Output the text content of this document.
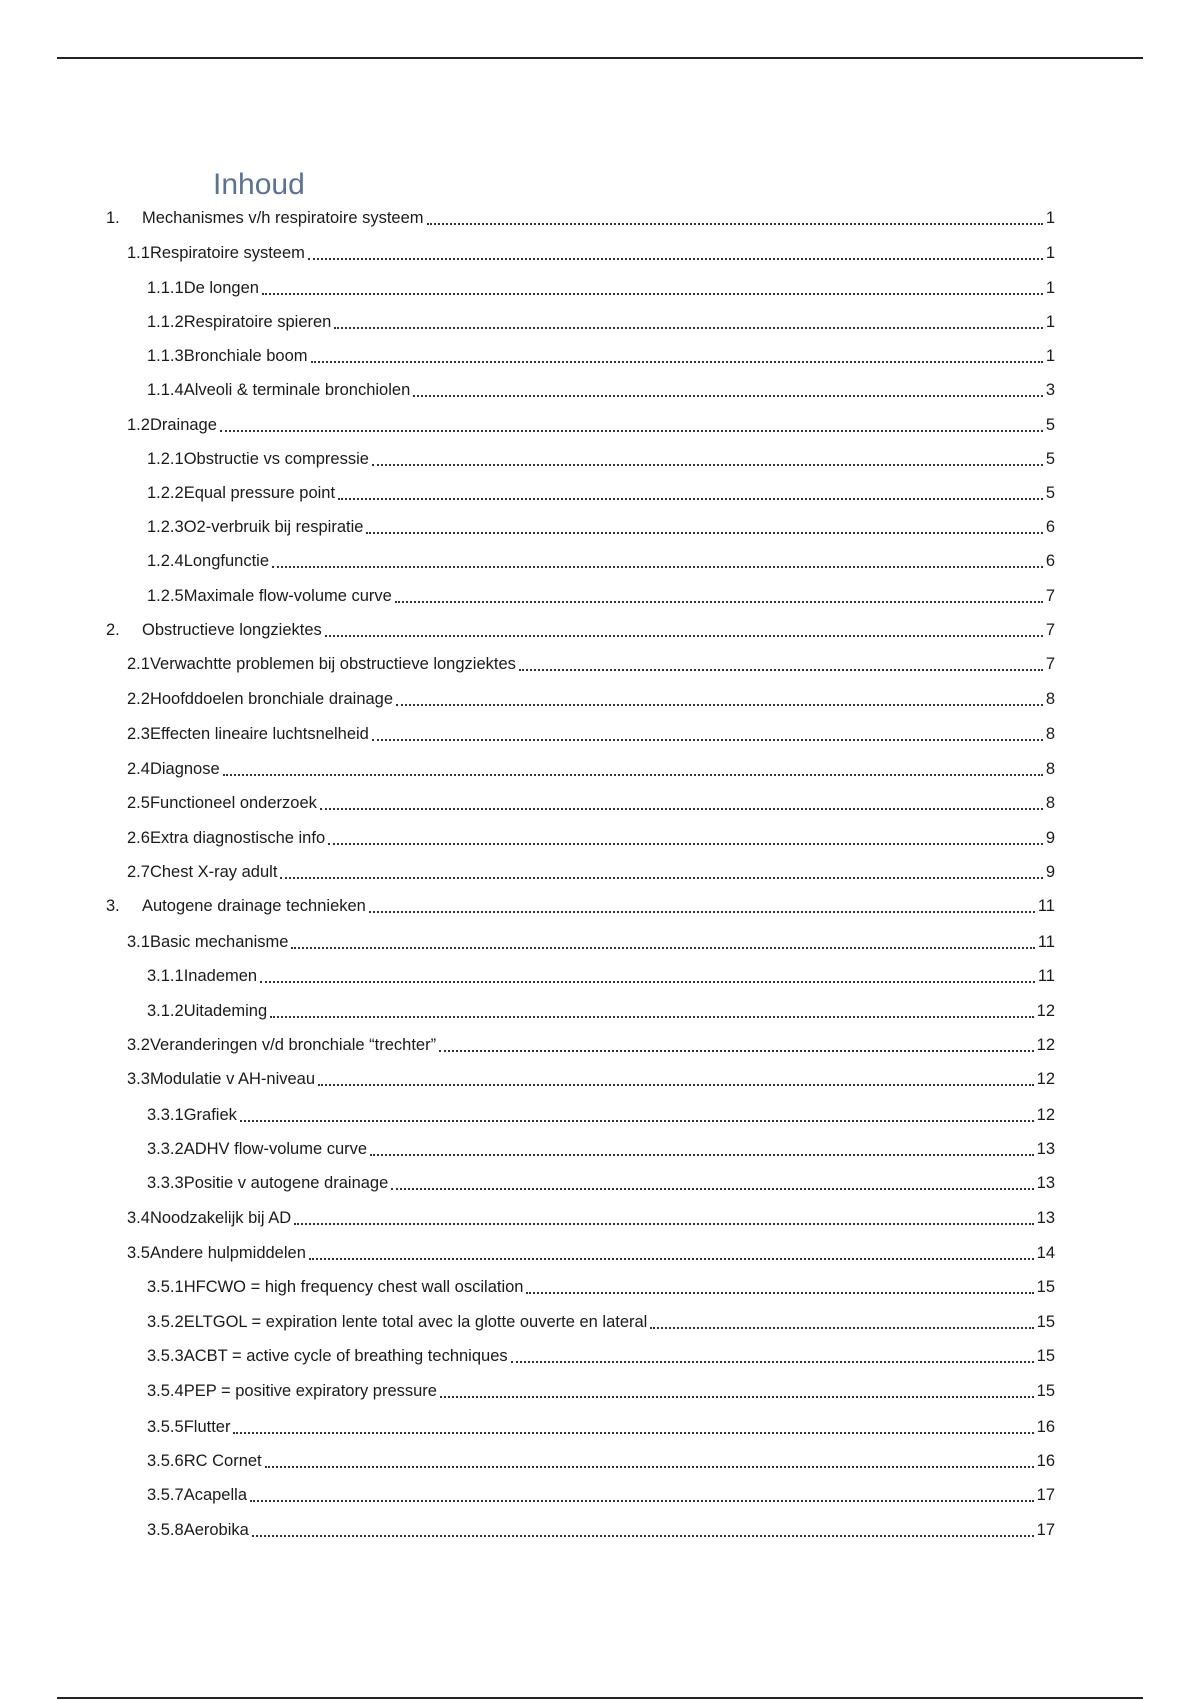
Inhoud
1.	Mechanismes v/h respiratoire systeem	1
1.1 Respiratoire systeem	1
1.1.1 De longen	1
1.1.2 Respiratoire spieren	1
1.1.3 Bronchiale boom	1
1.1.4 Alveoli & terminale bronchiolen	3
1.2 Drainage	5
1.2.1 Obstructie vs compressie	5
1.2.2 Equal pressure point	5
1.2.3 O2-verbruik bij respiratie	6
1.2.4 Longfunctie	6
1.2.5 Maximale flow-volume curve	7
2.	Obstructieve longziektes	7
2.1 Verwachtte problemen bij obstructieve longziektes	7
2.2 Hoofddoelen bronchiale drainage	8
2.3 Effecten lineaire luchtsnelheid	8
2.4 Diagnose	8
2.5 Functioneel onderzoek	8
2.6 Extra diagnostische info	9
2.7 Chest X-ray adult	9
3.	Autogene drainage technieken	11
3.1 Basic mechanisme	11
3.1.1 Inademen	11
3.1.2 Uitademing	12
3.2 Veranderingen v/d bronchiale “trechter”	12
3.3 Modulatie v AH-niveau	12
3.3.1 Grafiek	12
3.3.2 ADHV flow-volume curve	13
3.3.3 Positie v autogene drainage	13
3.4 Noodzakelijk bij AD	13
3.5 Andere hulpmiddelen	14
3.5.1 HFCWO = high frequency chest wall oscilation	15
3.5.2 ELTGOL = expiration lente total avec la glotte ouverte en lateral	15
3.5.3 ACBT = active cycle of breathing techniques	15
3.5.4 PEP = positive expiratory pressure	15
3.5.5 Flutter	16
3.5.6 RC Cornet	16
3.5.7 Acapella	17
3.5.8 Aerobika	17
